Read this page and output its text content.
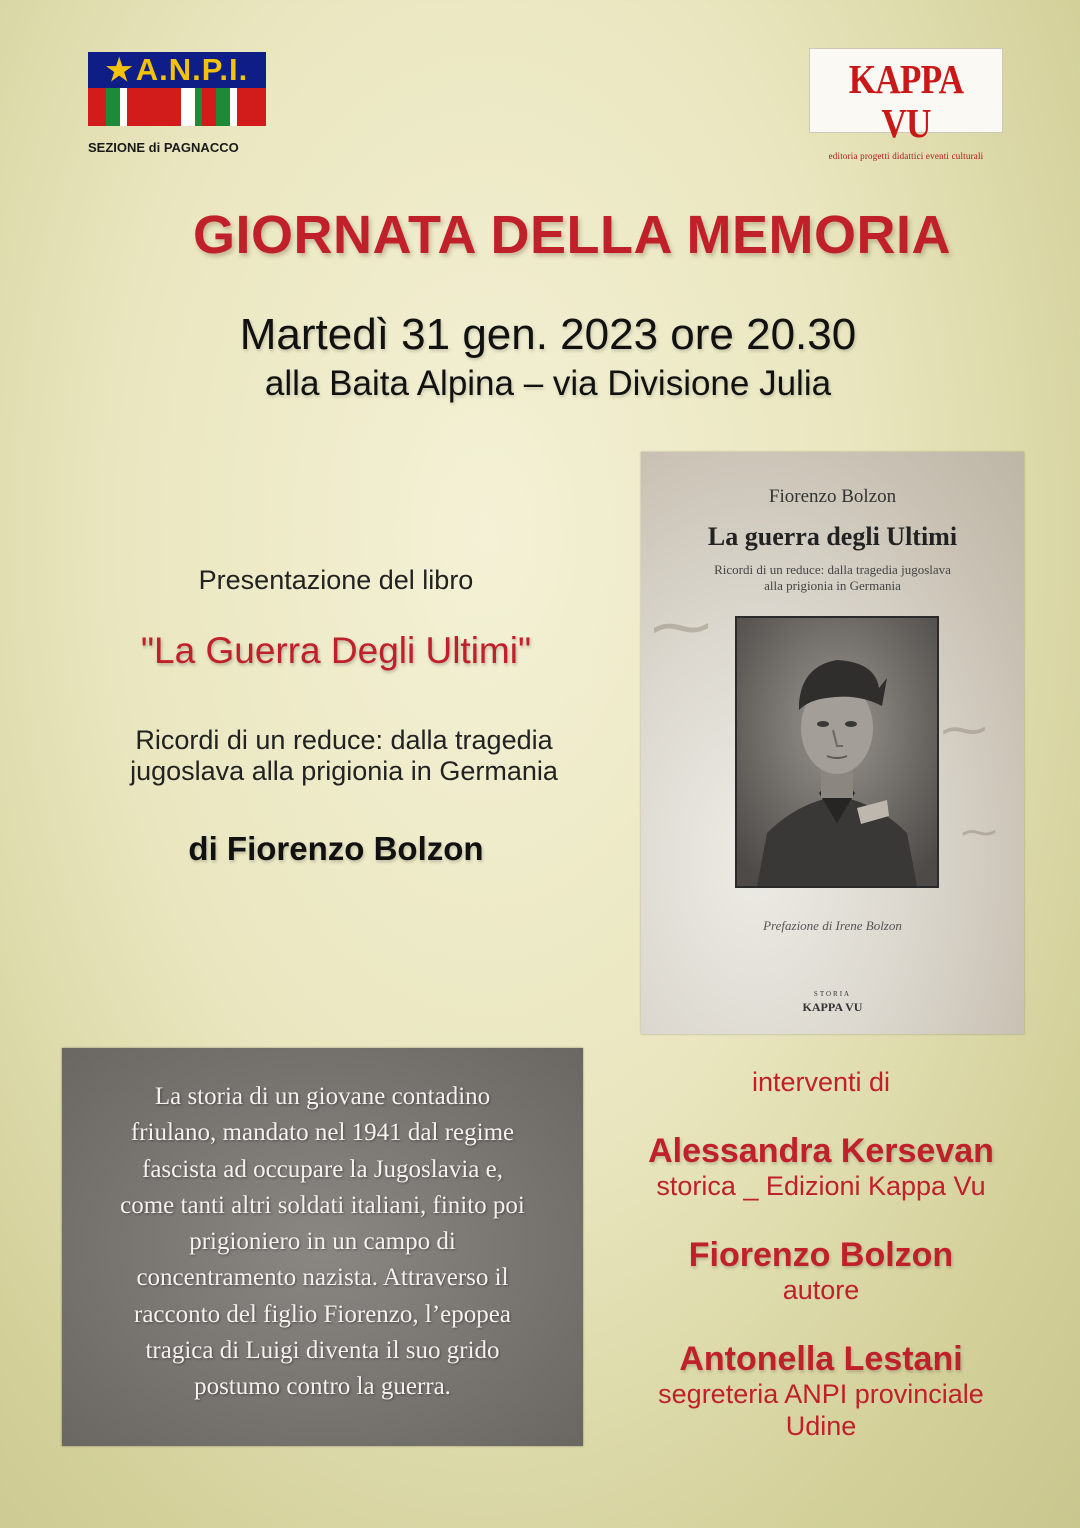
★ A.N.P.I.
SEZIONE di PAGNACCO
KAPPA VU
editoria progetti didattici eventi culturali
GIORNATA DELLA MEMORIA
Martedì 31 gen. 2023 ore 20.30
alla Baita Alpina – via Divisione Julia
Presentazione del libro
"La Guerra Degli Ultimi"
Ricordi di un reduce: dalla tragedia
jugoslava alla prigionia in Germania
di Fiorenzo Bolzon
⁓
⁓
⁓
Fiorenzo Bolzon
La guerra degli Ultimi
Ricordi di un reduce: dalla tragedia jugoslava
alla prigionia in Germania
Prefazione di Irene Bolzon
STORIA
KAPPA VU
La storia di un giovane contadino
friulano, mandato nel 1941 dal regime
fascista ad occupare la Jugoslavia e,
come tanti altri soldati italiani, finito poi
prigioniero in un campo di
concentramento nazista. Attraverso il
racconto del figlio Fiorenzo, l’epopea
tragica di Luigi diventa il suo grido
postumo contro la guerra.
interventi di
Alessandra Kersevan
storica _ Edizioni Kappa Vu
Fiorenzo Bolzon
autore
Antonella Lestani
segreteria ANPI provinciale
Udine
